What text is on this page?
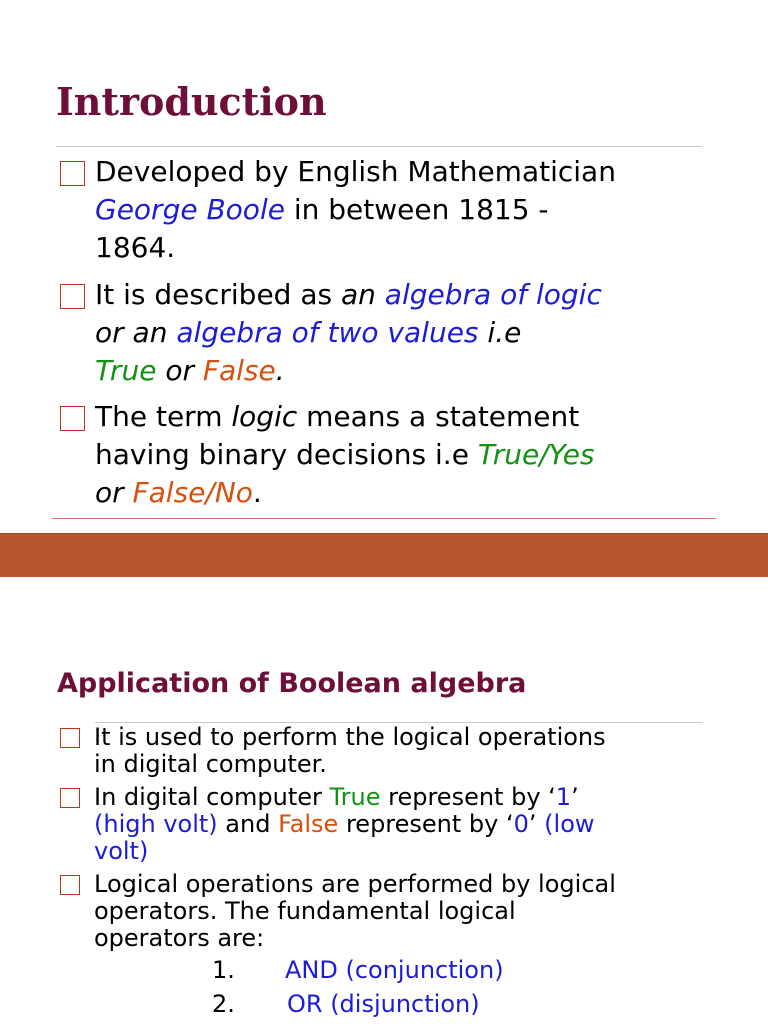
Introduction
Developed by English Mathematician
George Boole in between 1815 -
1864.
It is described as an algebra of logic
or an algebra of two values i.e
True or False.
The term logic means a statement
having binary decisions i.e True/Yes
or False/No.
Application of Boolean algebra
It is used to perform the logical operations
in digital computer.
In digital computer True represent by ‘1’
(high volt) and False represent by ‘0’ (low
volt)
Logical operations are performed by logical
operators. The fundamental logical
operators are:
1. AND (conjunction)
2. OR (disjunction)
